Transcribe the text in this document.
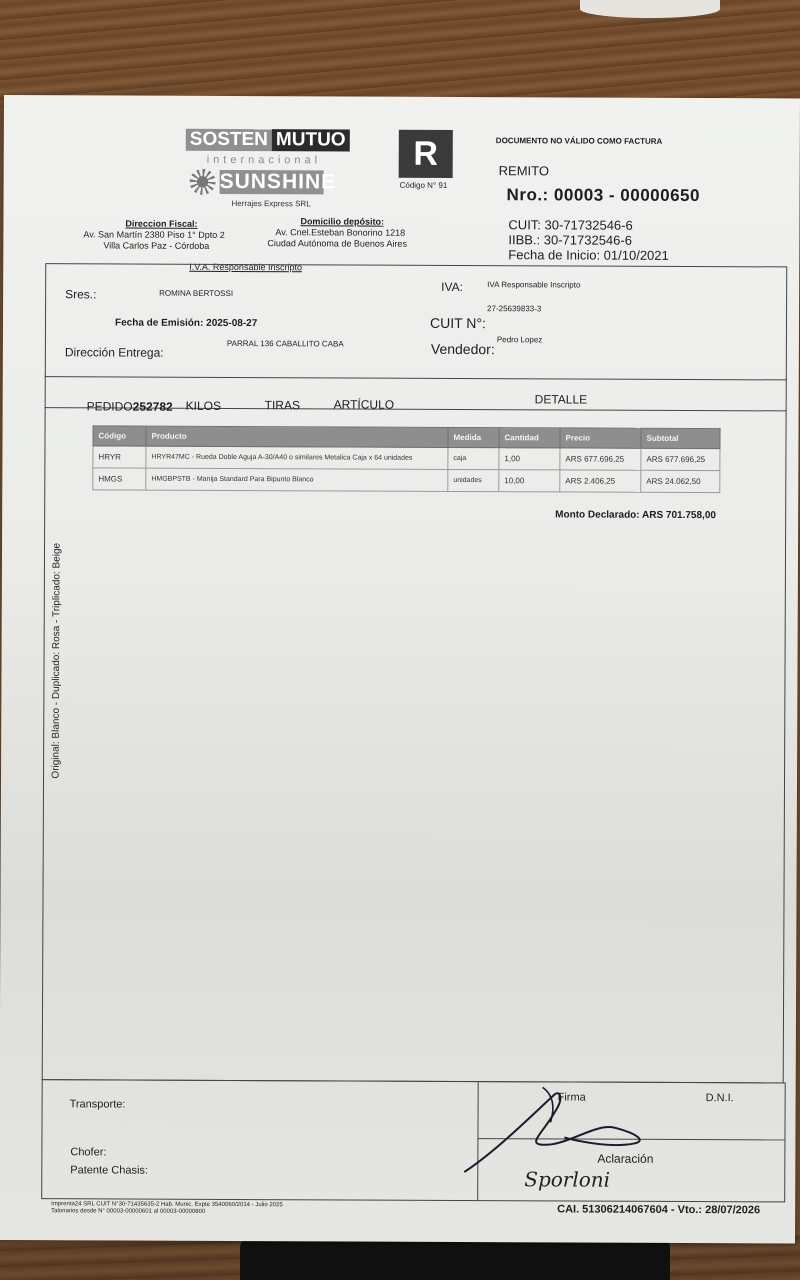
SOSTEN MUTUO
internacional
SUNSHINE
Herrajes Express SRL
Direccion Fiscal:
Av. San Martín 2380 Piso 1° Dpto 2
Villa Carlos Paz - Córdoba
Domicilio depósito:
Av. Cnel.Esteban Bonorino 1218
Ciudad Autónoma de Buenos Aires
I.V.A. Responsable Inscripto
R
Código N° 91
DOCUMENTO NO VÁLIDO COMO FACTURA
REMITO
Nro.: 00003 - 00000650
CUIT: 30-71732546-6
IIBB.: 30-71732546-6
Fecha de Inicio: 01/10/2021
Sres.:	ROMINA BERTOSSI	IVA:	IVA Responsable Inscripto
27-25639833-3
Fecha de Emisión: 2025-08-27	CUIT N°:
Dirección Entrega:
PARRAL 136 CABALLITO CABA	Vendedor:
Pedro Lopez
PEDIDO252782 KILOS	TIRAS	ARTÍCULO	DETALLE
Código	Producto	Medida	Cantidad	Precio	Subtotal
HRYR	HRYR47MC - Rueda Doble Aguja A-30/A40 o similares Metalica Caja x 64 unidades	caja	1,00	ARS 677.696,25	ARS 677.696,25
HMGS	HMGBPSTB - Manija Standard Para Bipunto Blanco	unidades	10,00	ARS 2.406,25	ARS 24.062,50
Monto Declarado: ARS 701.758,00
Original: Blanco - Duplicado: Rosa - Triplicado: Beige
Transporte:
Chofer:
Patente Chasis:
Firma	D.N.I.
Aclaración
Sporloni
Imprenta24 SRL CUIT N°30-71435635-2 Hab. Munic. Expte 3540060/2014 - Julio 2025
Talonarios desde N° 00003-00000601 al 00003-00000800	CAI. 51306214067604 - Vto.: 28/07/2026
